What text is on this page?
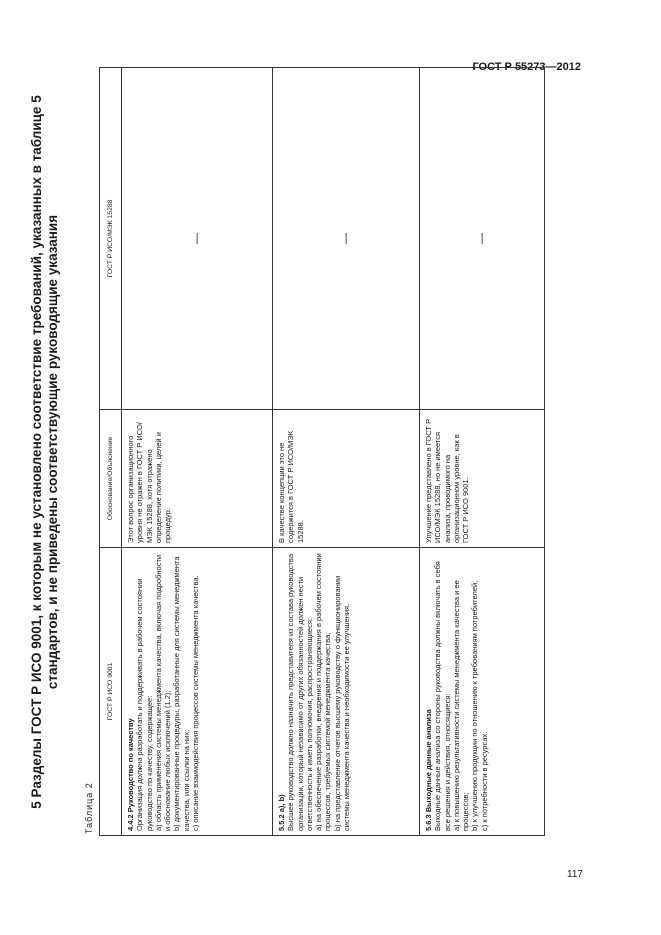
ГОСТ Р 55273—2012

5 Разделы ГОСТ Р ИСО 9001, к которым не установлено соответствие требований, указанных в таблице 5 стандартов, и не приведены соответствующие руководящие указания

Таблица 2
ГОСТ Р ИСО 9001	Обоснование/Объяснение	ГОСТ Р ИСО/МЭК 15288

4.4.2 Руководство по качеству Организация должна разработать и поддерживать в рабочем состоянии руководство по качеству, содержащее: a) область применения системы менеджмента качества, включая подробности и обоснование любых исключений (1.2); b) документированные процедуры, разработанные для системы менеджмента качества, или ссылки на них; c) описание взаимодействия процессов системы менеджмента качества.	Этот вопрос организационного уровня не отражен в ГОСТ Р ИСО/МЭК 15288, хотя отражено определение политики, целей и процедур.	—

5.5.2 a), b) Высшее руководство должно назначить представителя из состава руководства организации, который независимо от других обязанностей должен нести ответственность и иметь полномочия, распространяющиеся: a) на обеспечение разработки, внедрения и поддержания в рабочем состоянии процессов, требуемых системой менеджмента качества; b) на представление отчетов высшему руководству о функционировании системы менеджмента качества и необходимости ее улучшения.	В качестве концепции это не содержится в ГОСТ Р ИСО/МЭК 15288.	—

5.6.3 Выходные данные анализа Выходные данные анализа со стороны руководства должны включать в себя все решения и действия, относящиеся: a) к повышению результативности системы менеджмента качества и ее процессов; b) к улучшению продукции по отношению к требованиям потребителей; c) к потребности в ресурсах.	Улучшение представлено в ГОСТ Р ИСО/МЭК 15288, но не имеется анализа, проводимого на организационном уровне, как в ГОСТ Р ИСО 9001.	—
117
